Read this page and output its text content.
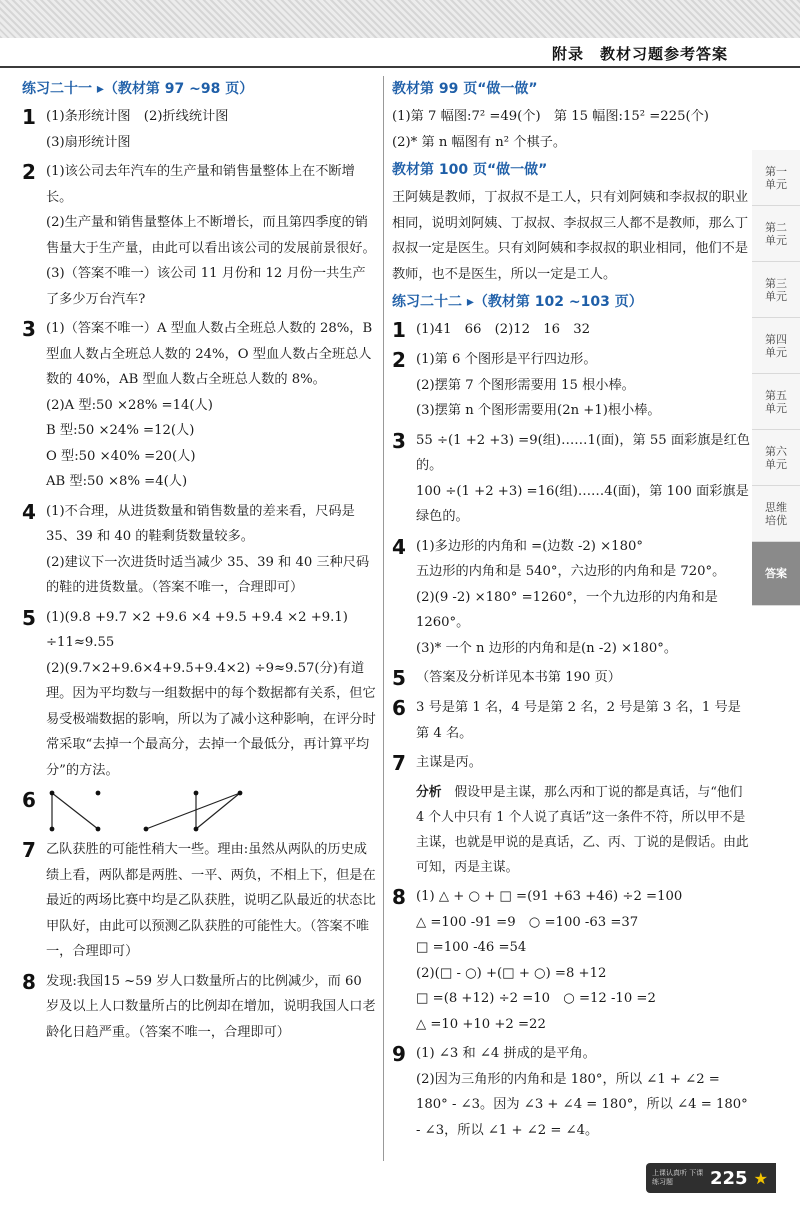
附录　教材习题参考答案
练习二十一 ▸（教材第 97 ~98 页）
1 (1)条形统计图　(2)折线统计图

(3)扇形统计图

2 (1)该公司去年汽车的生产量和销售量整体上在不断增长。

(2)生产量和销售量整体上不断增长，而且第四季度的销售量大于生产量，由此可以看出该公司的发展前景很好。

(3)（答案不唯一）该公司 11 月份和 12 月份一共生产了多少万台汽车?

3 (1)（答案不唯一）A 型血人数占全班总人数的 28%，B 型血人数占全班总人数的 24%，O 型血人数占全班总人数的 40%，AB 型血人数占全班总人数的 8%。

(2)A 型:50 ×28% =14(人)

B 型:50 ×24% =12(人)

O 型:50 ×40% =20(人)

AB 型:50 ×8% =4(人)

4 (1)不合理，从进货数量和销售数量的差来看，尺码是 35、39 和 40 的鞋剩货数量较多。

(2)建议下一次进货时适当减少 35、39 和 40 三种尺码的鞋的进货数量。（答案不唯一，合理即可）

5 (1)(9.8 +9.7 ×2 +9.6 ×4 +9.5 +9.4 ×2 +9.1) ÷11≈9.55

(2)(9.7×2+9.6×4+9.5+9.4×2) ÷9≈9.57(分)有道理。因为平均数与一组数据中的每个数据都有关系，但它易受极端数据的影响，所以为了减小这种影响，在评分时常采取“去掉一个最高分，去掉一个最低分，再计算平均分”的方法。

6
7 乙队获胜的可能性稍大一些。理由:虽然从两队的历史成绩上看，两队都是两胜、一平、两负，不相上下，但是在最近的两场比赛中均是乙队获胜，说明乙队最近的状态比甲队好，由此可以预测乙队获胜的可能性大。（答案不唯一，合理即可）

8 发现:我国15 ~59 岁人口数量所占的比例减少，而 60 岁及以上人口数量所占的比例却在增加，说明我国人口老龄化日趋严重。（答案不唯一，合理即可）

教材第 99 页“做一做”

(1)第 7 幅图:7² =49(个)　第 15 幅图:15² =225(个)

(2)* 第 n 幅图有 n² 个棋子。

教材第 100 页“做一做”

王阿姨是教师，丁叔叔不是工人，只有刘阿姨和李叔叔的职业相同，说明刘阿姨、丁叔叔、李叔叔三人都不是教师，那么丁叔叔一定是医生。只有刘阿姨和李叔叔的职业相同，他们不是教师，也不是医生，所以一定是工人。

练习二十二 ▸（教材第 102 ~103 页）
1 (1)41　66　(2)12　16　32

2 (1)第 6 个图形是平行四边形。

(2)摆第 7 个图形需要用 15 根小棒。

(3)摆第 n 个图形需要用(2n +1)根小棒。

3 55 ÷(1 +2 +3) =9(组)……1(面)，第 55 面彩旗是红色的。

100 ÷(1 +2 +3) =16(组)……4(面)，第 100 面彩旗是绿色的。

4 (1)多边形的内角和 =(边数 -2) ×180°

五边形的内角和是 540°，六边形的内角和是 720°。

(2)(9 -2) ×180° =1260°，一个九边形的内角和是 1260°。

(3)* 一个 n 边形的内角和是(n -2) ×180°。

5 （答案及分析详见本书第 190 页）

6 3 号是第 1 名，4 号是第 2 名，2 号是第 3 名，1 号是第 4 名。

7 主谋是丙。

分析　 假设甲是主谋，那么丙和丁说的都是真话，与“他们 4 个人中只有 1 个人说了真话”这一条件不符，所以甲不是主谋，也就是甲说的是真话，乙、丙、丁说的是假话。由此可知，丙是主谋。
8 (1) △ + ○ + □ =(91 +63 +46) ÷2 =100

△ =100 -91 =9　○ =100 -63 =37

□ =100 -46 =54

(2)(□ - ○) +(□ + ○) =8 +12

□ =(8 +12) ÷2 =10　○ =12 -10 =2

△ =10 +10 +2 =22

9 (1) ∠3 和 ∠4 拼成的是平角。

(2)因为三角形的内角和是 180°，所以 ∠1 + ∠2 = 180° - ∠3。因为 ∠3 + ∠4 = 180°，所以 ∠4 = 180° - ∠3，所以 ∠1 + ∠2 = ∠4。

第一单元
第二单元
第三单元
第四单元
第五单元
第六单元
思维培优
答案
上课认真听 下课练习题	225 ★
